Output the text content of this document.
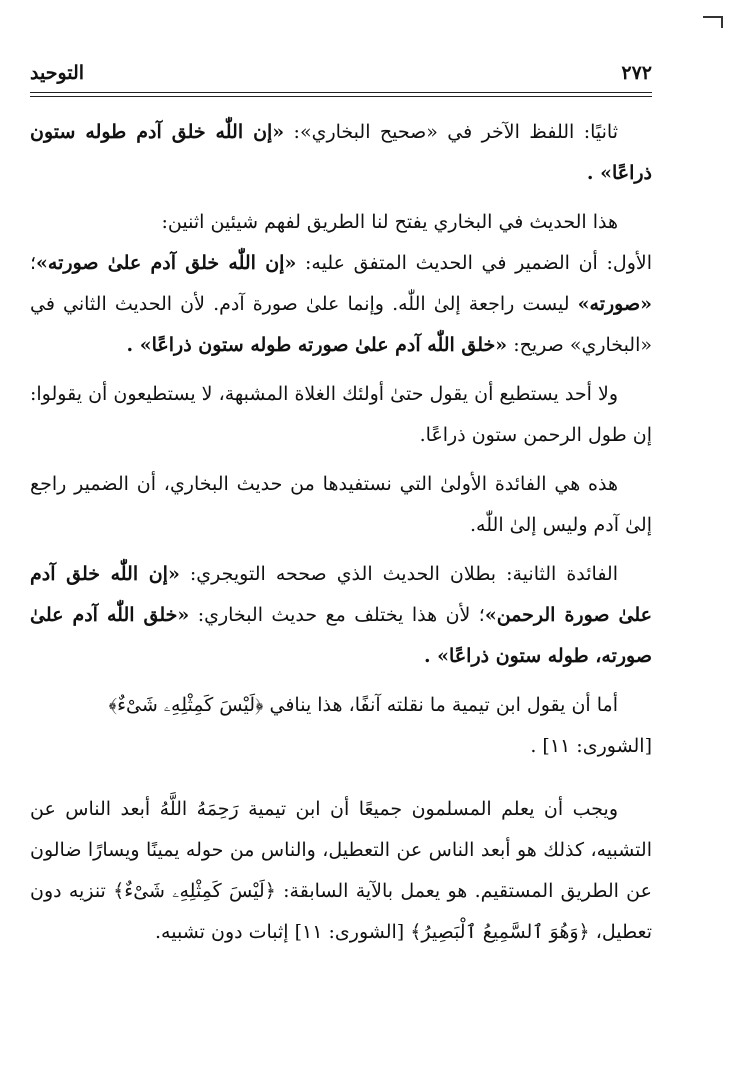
٢٧٢
التوحيد

ثانيًا: اللفظ الآخر في «صحيح البخاري»: «إن اللّٰه خلق آدم طوله ستون ذراعًا» .

هذا الحديث في البخاري يفتح لنا الطريق لفهم شيئين اثنين:

الأول: أن الضمير في الحديث المتفق عليه: «إن اللّٰه خلق آدم علىٰ صورته»؛ «صورته» ليست راجعة إلىٰ اللّٰه. وإنما علىٰ صورة آدم. لأن الحديث الثاني في «البخاري» صريح: «خلق اللّٰه آدم علىٰ صورته طوله ستون ذراعًا» .

ولا أحد يستطيع أن يقول حتىٰ أولئك الغلاة المشبهة، لا يستطيعون أن يقولوا: إن طول الرحمن ستون ذراعًا.

هذه هي الفائدة الأولىٰ التي نستفيدها من حديث البخاري، أن الضمير راجع إلىٰ آدم وليس إلىٰ اللّٰه.

الفائدة الثانية: بطلان الحديث الذي صححه التويجري: «إن اللّٰه خلق آدم علىٰ صورة الرحمن»؛ لأن هذا يختلف مع حديث البخاري: «خلق اللّٰه آدم علىٰ صورته، طوله ستون ذراعًا» .

أما أن يقول ابن تيمية ما نقلته آنفًا، هذا ينافي ﴿لَيْسَ كَمِثْلِهِۦ شَىْءٌ﴾
[الشورى: ١١] .

ويجب أن يعلم المسلمون جميعًا أن ابن تيمية رَحِمَهُ اللَّهُ أبعد الناس عن التشبيه، كذلك هو أبعد الناس عن التعطيل، والناس من حوله يمينًا ويسارًا ضالون عن الطريق المستقيم. هو يعمل بالآية السابقة: ﴿لَيْسَ كَمِثْلِهِۦ شَىْءٌ﴾ تنزيه دون تعطيل، ﴿وَهُوَ ٱلسَّمِيعُ ٱلْبَصِيرُ﴾ [الشورى: ١١] إثبات دون تشبيه.
